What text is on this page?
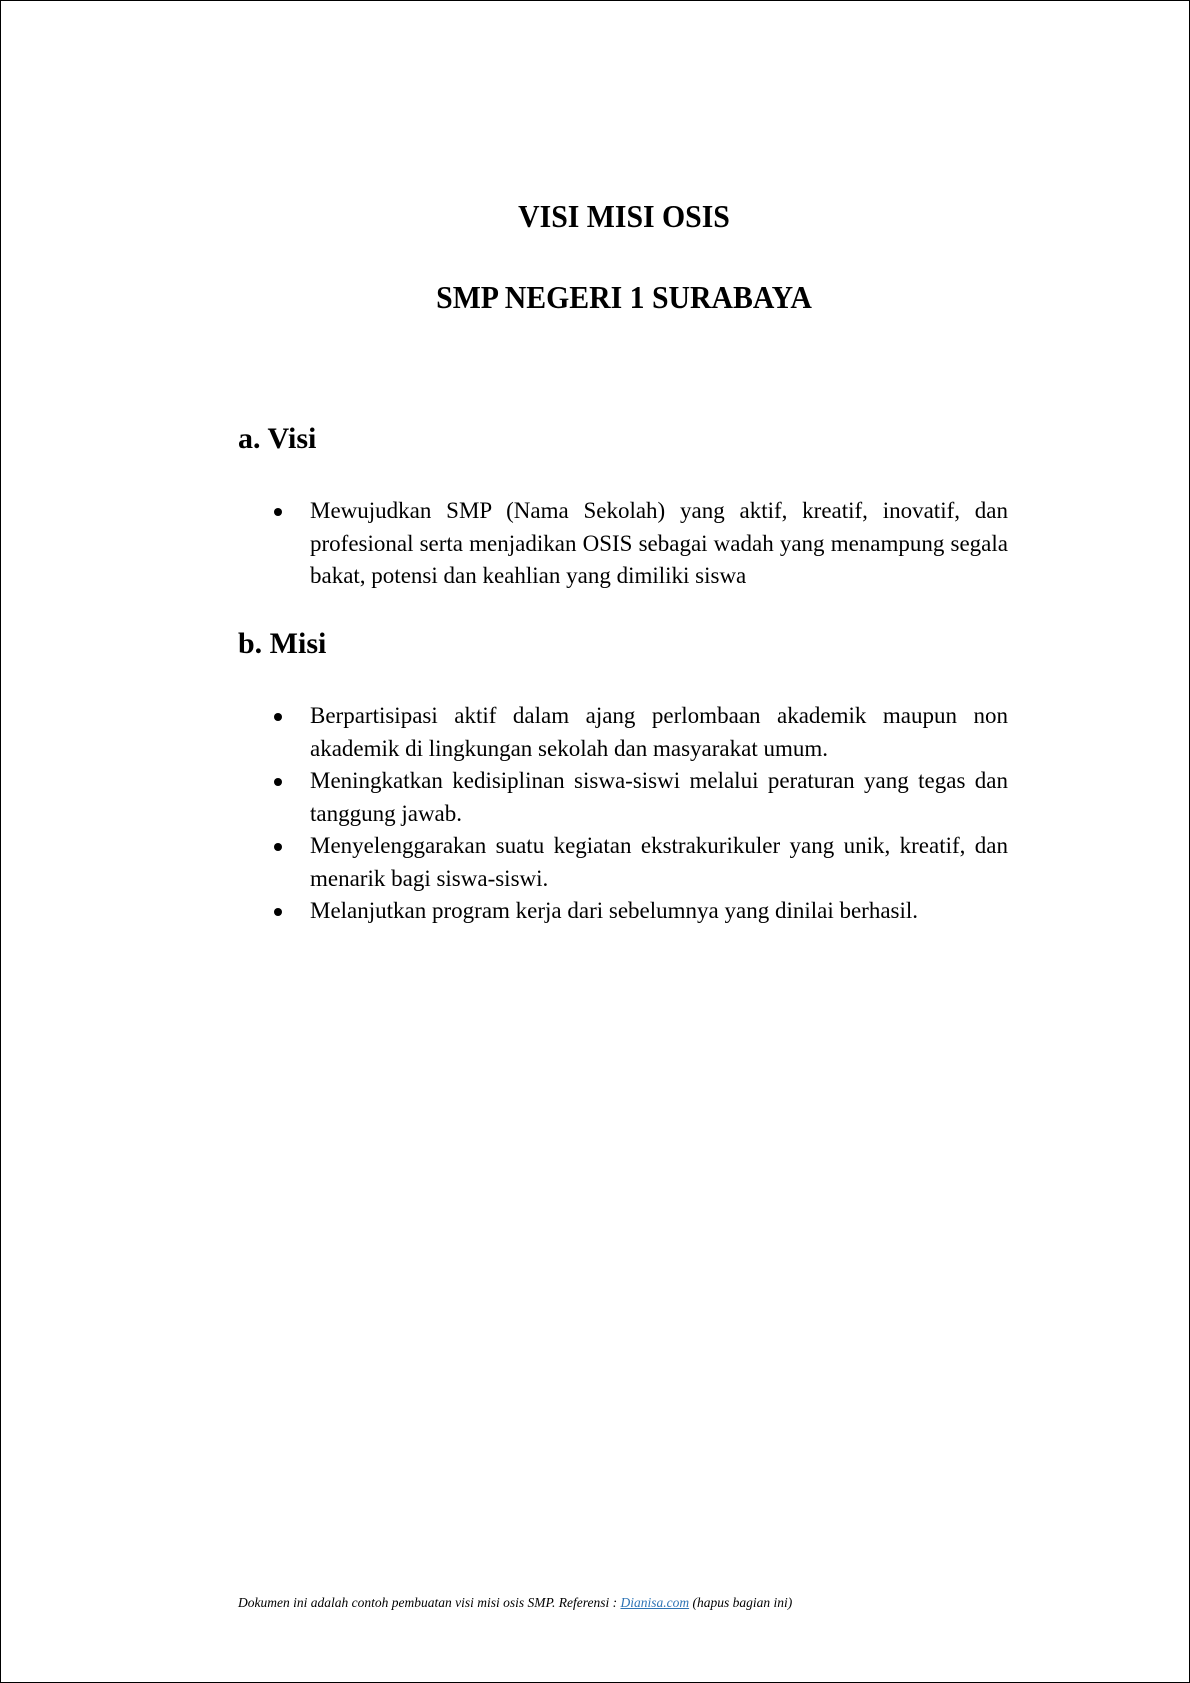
VISI MISI OSIS
SMP NEGERI 1 SURABAYA
a. Visi
Mewujudkan SMP (Nama Sekolah) yang aktif, kreatif, inovatif, dan profesional serta menjadikan OSIS sebagai wadah yang menampung segala bakat, potensi dan keahlian yang dimiliki siswa
b. Misi
Berpartisipasi aktif dalam ajang perlombaan akademik maupun non akademik di lingkungan sekolah dan masyarakat umum.
Meningkatkan kedisiplinan siswa-siswi melalui peraturan yang tegas dan tanggung jawab.
Menyelenggarakan suatu kegiatan ekstrakurikuler yang unik, kreatif, dan menarik bagi siswa-siswi.
Melanjutkan program kerja dari sebelumnya yang dinilai berhasil.
Dokumen ini adalah contoh pembuatan visi misi osis SMP. Referensi : Dianisa.com (hapus bagian ini)
